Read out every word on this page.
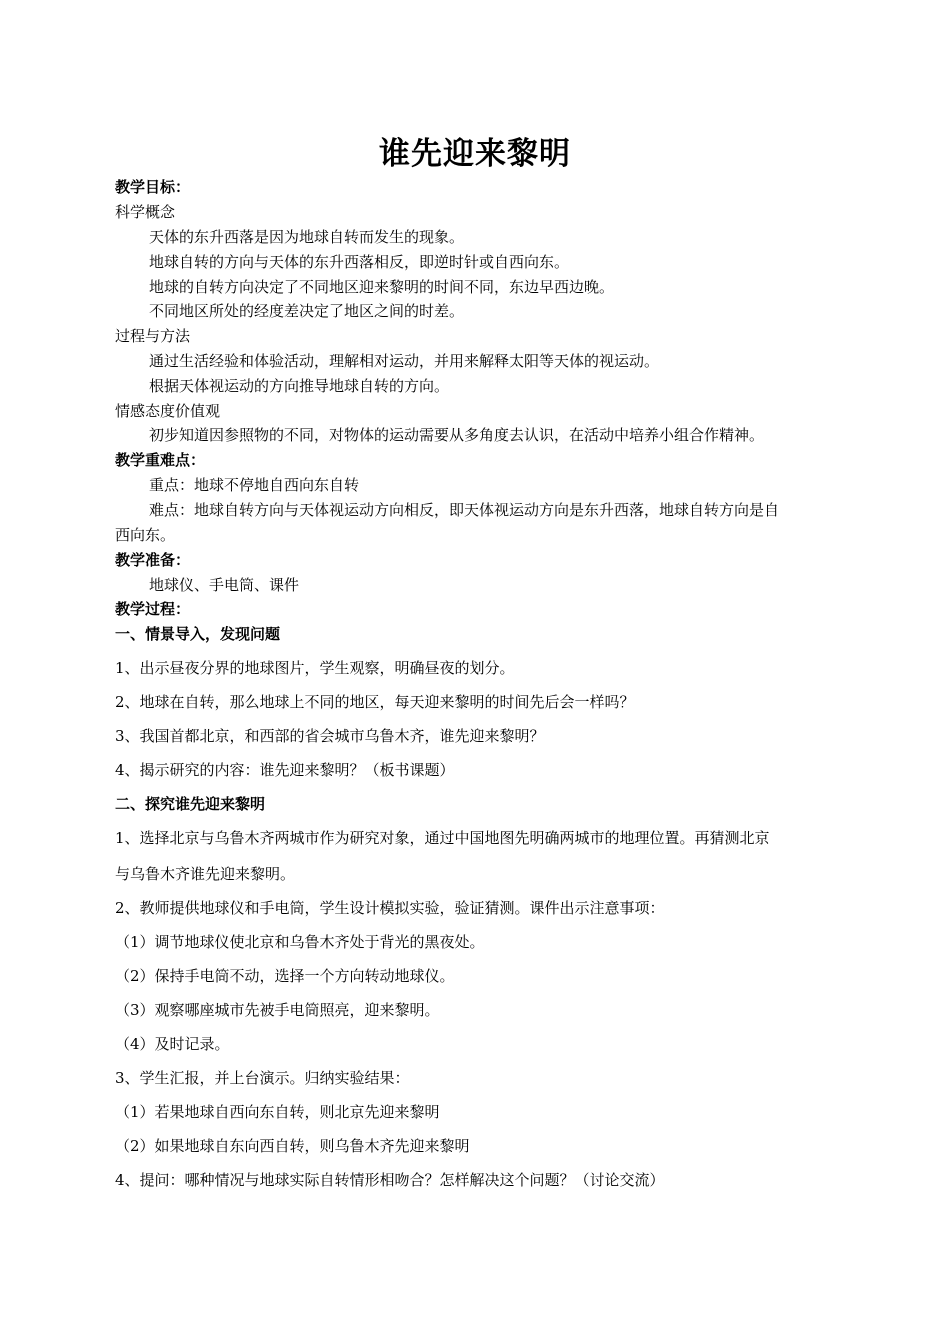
谁先迎来黎明
教学目标：
科学概念
天体的东升西落是因为地球自转而发生的现象。
地球自转的方向与天体的东升西落相反，即逆时针或自西向东。
地球的自转方向决定了不同地区迎来黎明的时间不同，东边早西边晚。
不同地区所处的经度差决定了地区之间的时差。
过程与方法
通过生活经验和体验活动，理解相对运动，并用来解释太阳等天体的视运动。
根据天体视运动的方向推导地球自转的方向。
情感态度价值观
初步知道因参照物的不同，对物体的运动需要从多角度去认识，在活动中培养小组合作精神。
教学重难点：
重点：地球不停地自西向东自转
难点：地球自转方向与天体视运动方向相反，即天体视运动方向是东升西落，地球自转方向是自
西向东。
教学准备：
地球仪、手电筒、课件
教学过程：
一、情景导入，发现问题
1、出示昼夜分界的地球图片，学生观察，明确昼夜的划分。
2、地球在自转，那么地球上不同的地区，每天迎来黎明的时间先后会一样吗？
3、我国首都北京，和西部的省会城市乌鲁木齐，谁先迎来黎明？
4、揭示研究的内容：谁先迎来黎明？（板书课题）
二、探究谁先迎来黎明
1、选择北京与乌鲁木齐两城市作为研究对象，通过中国地图先明确两城市的地理位置。再猜测北京
与乌鲁木齐谁先迎来黎明。
2、教师提供地球仪和手电筒，学生设计模拟实验，验证猜测。课件出示注意事项：
（1）调节地球仪使北京和乌鲁木齐处于背光的黑夜处。
（2）保持手电筒不动，选择一个方向转动地球仪。
（3）观察哪座城市先被手电筒照亮，迎来黎明。
（4）及时记录。
3、学生汇报，并上台演示。归纳实验结果：
（1）若果地球自西向东自转，则北京先迎来黎明
（2）如果地球自东向西自转，则乌鲁木齐先迎来黎明
4、提问：哪种情况与地球实际自转情形相吻合？怎样解决这个问题？（讨论交流）
